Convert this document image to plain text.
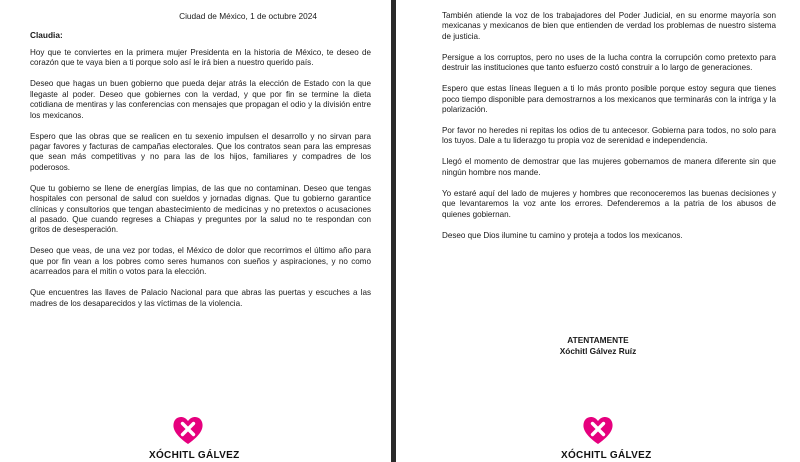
Ciudad de México, 1 de octubre 2024
Claudia:

Hoy que te conviertes en la primera mujer Presidenta en la historia de México, te deseo de corazón que te vaya bien a ti porque solo así le irá bien a nuestro querido país.

Deseo que hagas un buen gobierno que pueda dejar atrás la elección de Estado con la que llegaste al poder. Deseo que gobiernes con la verdad, y que por fin se termine la dieta cotidiana de mentiras y las conferencias con mensajes que propagan el odio y la división entre los mexicanos.

Espero que las obras que se realicen en tu sexenio impulsen el desarrollo y no sirvan para pagar favores y facturas de campañas electorales. Que los contratos sean para las empresas que sean más competitivas y no para las de los hijos, familiares y compadres de los poderosos.

Que tu gobierno se llene de energías limpias, de las que no contaminan. Deseo que tengas hospitales con personal de salud con sueldos y jornadas dignas. Que tu gobierno garantice clínicas y consultorios que tengan abastecimiento de medicinas y no pretextos o acusaciones al pasado. Que cuando regreses a Chiapas y preguntes por la salud no te respondan con gritos de desesperación.

Deseo que veas, de una vez por todas, el México de dolor que recorrimos el último año para que por fin vean a los pobres como seres humanos con sueños y aspiraciones, y no como acarreados para el mitin o votos para la elección.

Que encuentres las llaves de Palacio Nacional para que abras las puertas y escuches a las madres de los desaparecidos y las víctimas de la violencia.

XÓCHITL GÁLVEZ

También atiende la voz de los trabajadores del Poder Judicial, en su enorme mayoría son mexicanas y mexicanos de bien que entienden de verdad los problemas de nuestro sistema de justicia.

Persigue a los corruptos, pero no uses de la lucha contra la corrupción como pretexto para destruir las instituciones que tanto esfuerzo costó construir a lo largo de generaciones.

Espero que estas líneas lleguen a ti lo más pronto posible porque estoy segura que tienes poco tiempo disponible para demostrarnos a los mexicanos que terminarás con la intriga y la polarización.

Por favor no heredes ni repitas los odios de tu antecesor. Gobierna para todos, no solo para los tuyos. Dale a tu liderazgo tu propia voz de serenidad e independencia.

Llegó el momento de demostrar que las mujeres gobernamos de manera diferente sin que ningún hombre nos mande.

Yo estaré aquí del lado de mujeres y hombres que reconoceremos las buenas decisiones y que levantaremos la voz ante los errores. Defenderemos a la patria de los abusos de quienes gobiernan.

Deseo que Dios ilumine tu camino y proteja a todos los mexicanos.

ATENTAMENTE
Xóchitl Gálvez Ruíz
XÓCHITL GÁLVEZ
